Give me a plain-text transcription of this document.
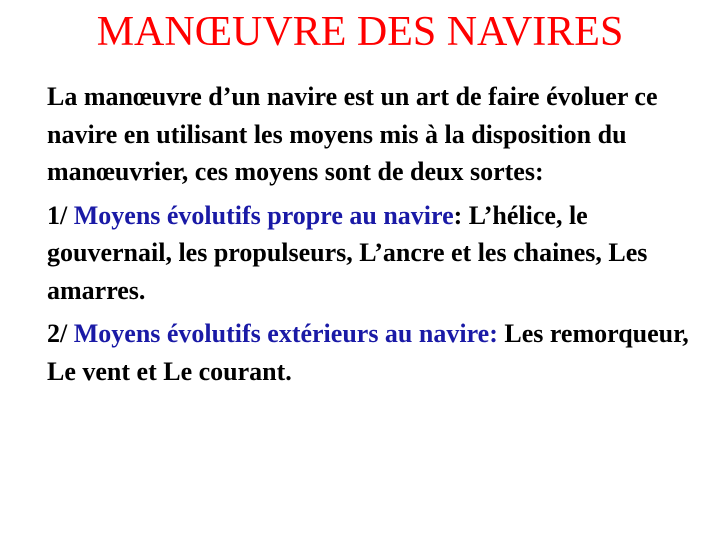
MANŒUVRE DES NAVIRES

La manœuvre d’un navire est un art de faire évoluer ce navire en utilisant les moyens mis à la disposition du manœuvrier, ces moyens sont de deux sortes:

1/ Moyens évolutifs propre au navire: L’hélice, le gouvernail, les propulseurs, L’ancre et les chaines, Les amarres.

2/ Moyens évolutifs extérieurs au navire: Les remorqueur, Le vent et Le courant.
